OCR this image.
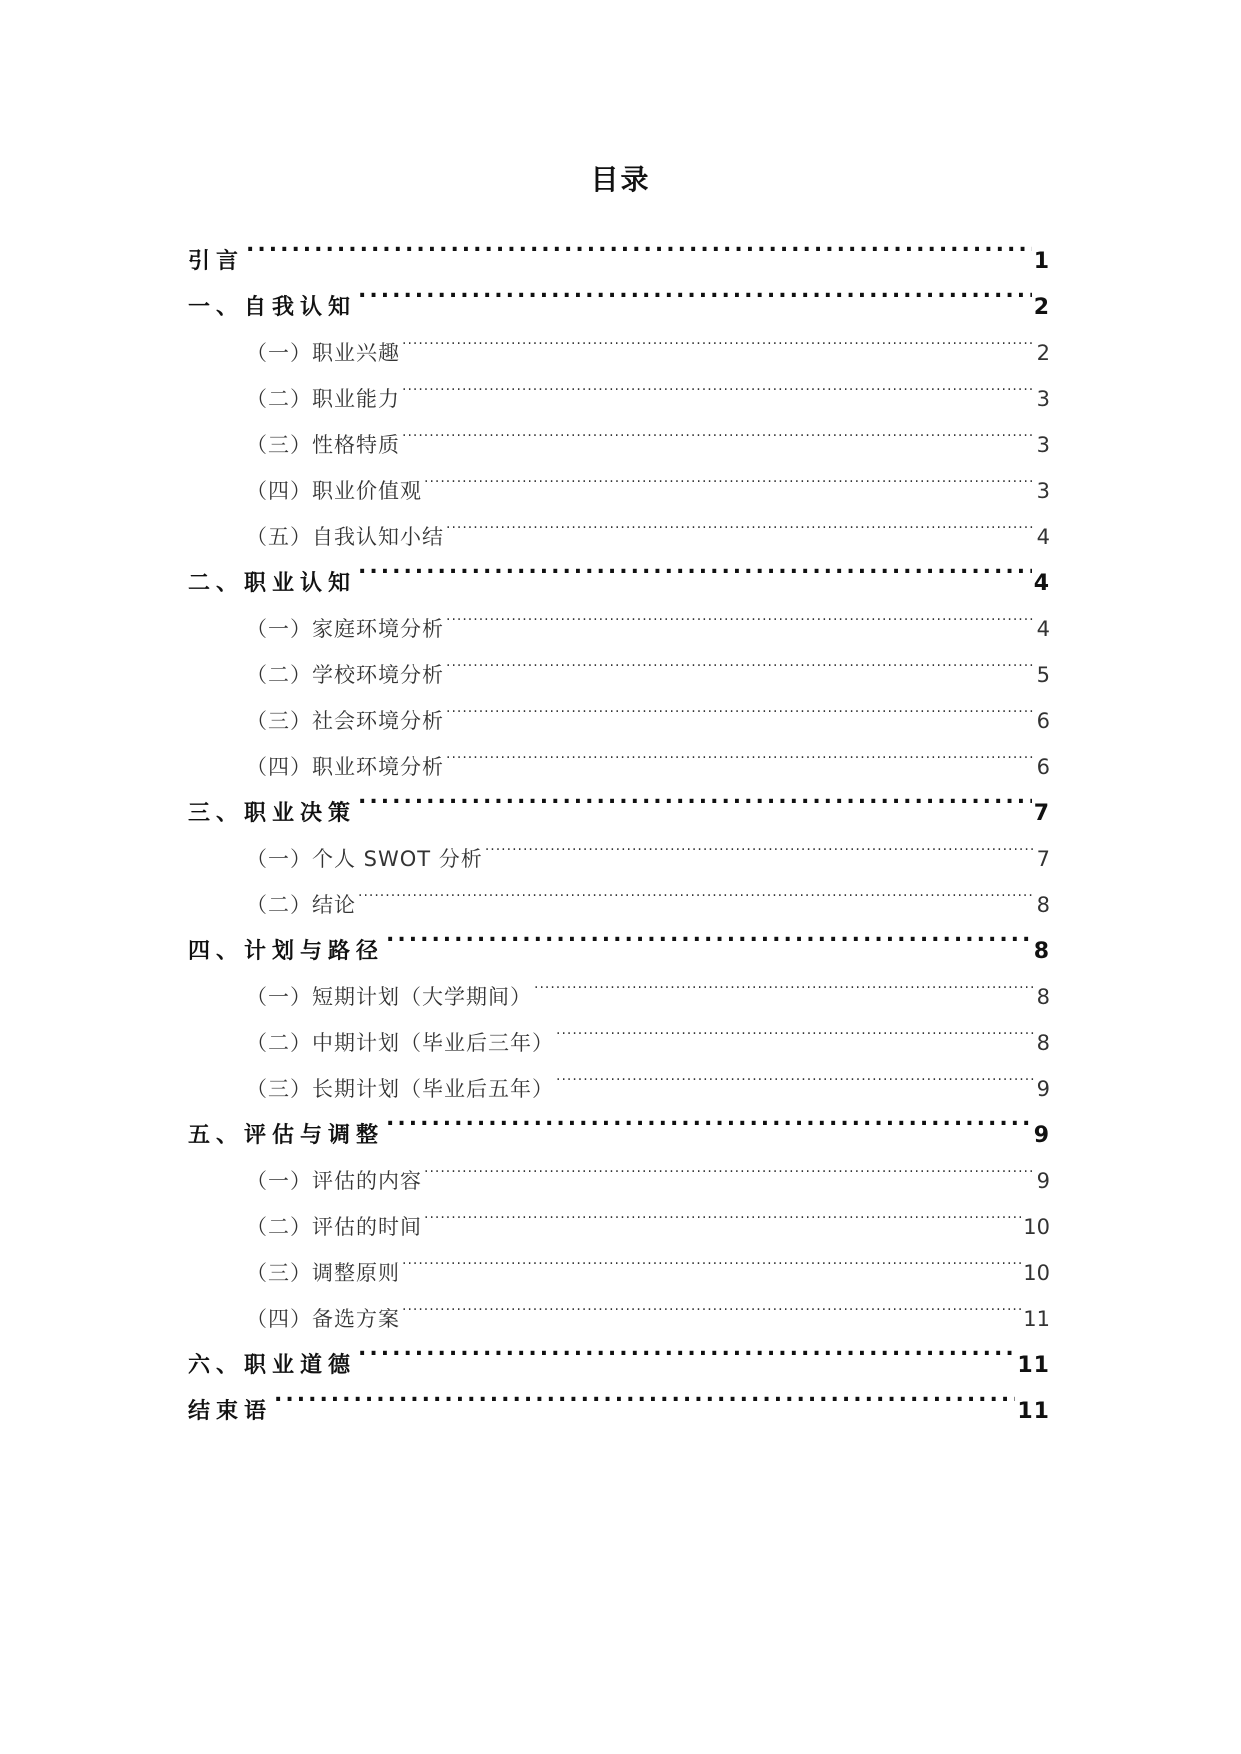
目录
引言 .....	1
一、自我认知 .....	2
（一）职业兴趣 .....	2
（二）职业能力 .....	3
（三）性格特质 .....	3
（四）职业价值观 .....	3
（五）自我认知小结 .....	4
二、职业认知 .....	4
（一）家庭环境分析 .....	4
（二）学校环境分析 .....	5
（三）社会环境分析 .....	6
（四）职业环境分析 .....	6
三、职业决策 .....	7
（一）个人 SWOT 分析 .....	7
（二）结论 .....	8
四、计划与路径 .....	8
（一）短期计划（大学期间） .....	8
（二）中期计划（毕业后三年） .....	8
（三）长期计划（毕业后五年） .....	9
五、评估与调整 .....	9
（一）评估的内容 .....	9
（二）评估的时间 .....	10
（三）调整原则 .....	10
（四）备选方案 .....	11
六、职业道德 .....	11
结束语 .....	11
